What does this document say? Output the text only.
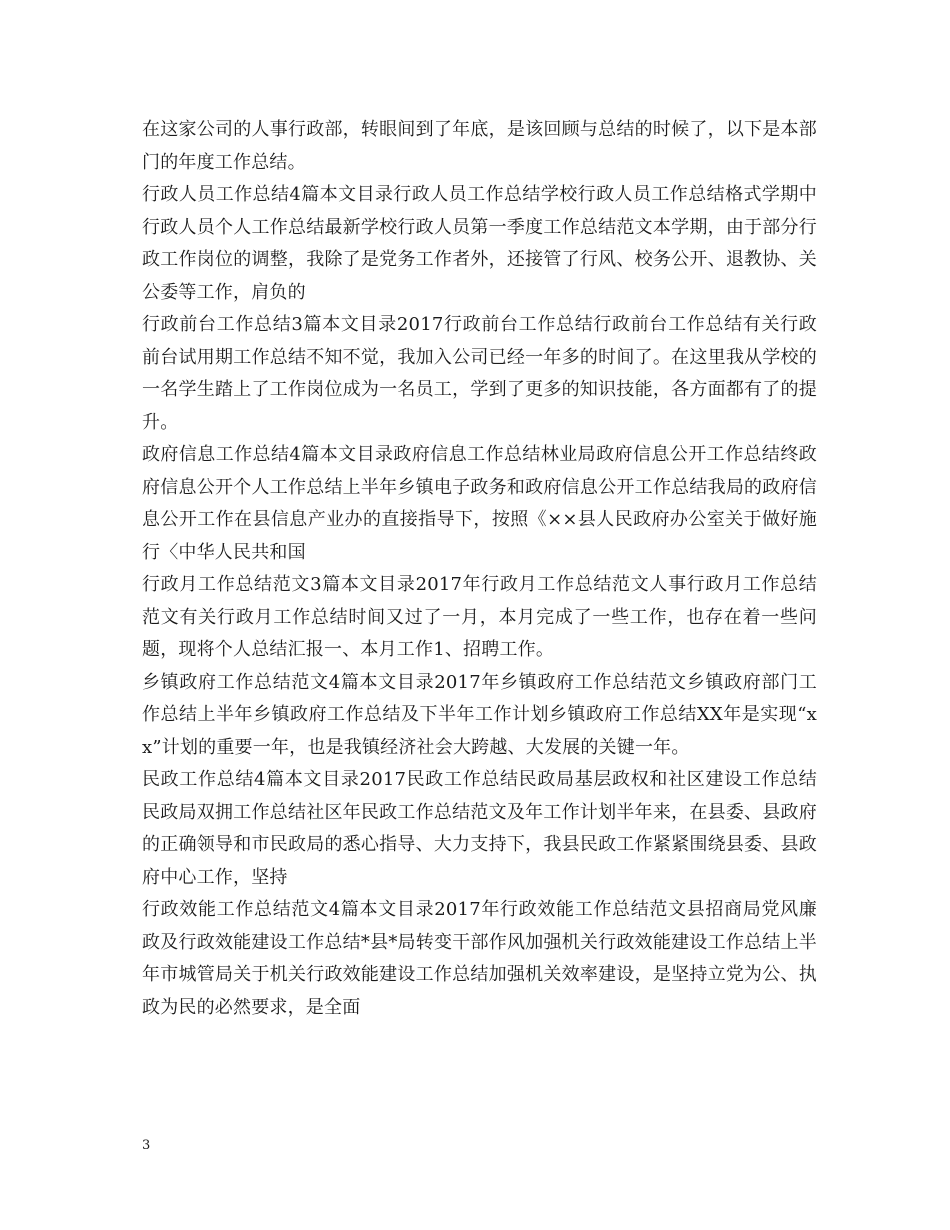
在这家公司的人事行政部，转眼间到了年底，是该回顾与总结的时候了，以下是本部门的年度工作总结。

行政人员工作总结4篇本文目录行政人员工作总结学校行政人员工作总结格式学期中行政人员个人工作总结最新学校行政人员第一季度工作总结范文本学期，由于部分行政工作岗位的调整，我除了是党务工作者外，还接管了行风、校务公开、退教协、关公委等工作，肩负的

行政前台工作总结3篇本文目录2017行政前台工作总结行政前台工作总结有关行政前台试用期工作总结不知不觉，我加入公司已经一年多的时间了。在这里我从学校的一名学生踏上了工作岗位成为一名员工，学到了更多的知识技能，各方面都有了的提升。

政府信息工作总结4篇本文目录政府信息工作总结林业局政府信息公开工作总结终政府信息公开个人工作总结上半年乡镇电子政务和政府信息公开工作总结我局的政府信息公开工作在县信息产业办的直接指导下，按照《××县人民政府办公室关于做好施行〈中华人民共和国

行政月工作总结范文3篇本文目录2017年行政月工作总结范文人事行政月工作总结范文有关行政月工作总结时间又过了一月，本月完成了一些工作，也存在着一些问题，现将个人总结汇报一、本月工作1、招聘工作。

乡镇政府工作总结范文4篇本文目录2017年乡镇政府工作总结范文乡镇政府部门工作总结上半年乡镇政府工作总结及下半年工作计划乡镇政府工作总结XX年是实现“xx”计划的重要一年，也是我镇经济社会大跨越、大发展的关键一年。

民政工作总结4篇本文目录2017民政工作总结民政局基层政权和社区建设工作总结民政局双拥工作总结社区年民政工作总结范文及年工作计划半年来，在县委、县政府的正确领导和市民政局的悉心指导、大力支持下，我县民政工作紧紧围绕县委、县政府中心工作，坚持

行政效能工作总结范文4篇本文目录2017年行政效能工作总结范文县招商局党风廉政及行政效能建设工作总结*县*局转变干部作风加强机关行政效能建设工作总结上半年市城管局关于机关行政效能建设工作总结加强机关效率建设，是坚持立党为公、执政为民的必然要求，是全面

3
